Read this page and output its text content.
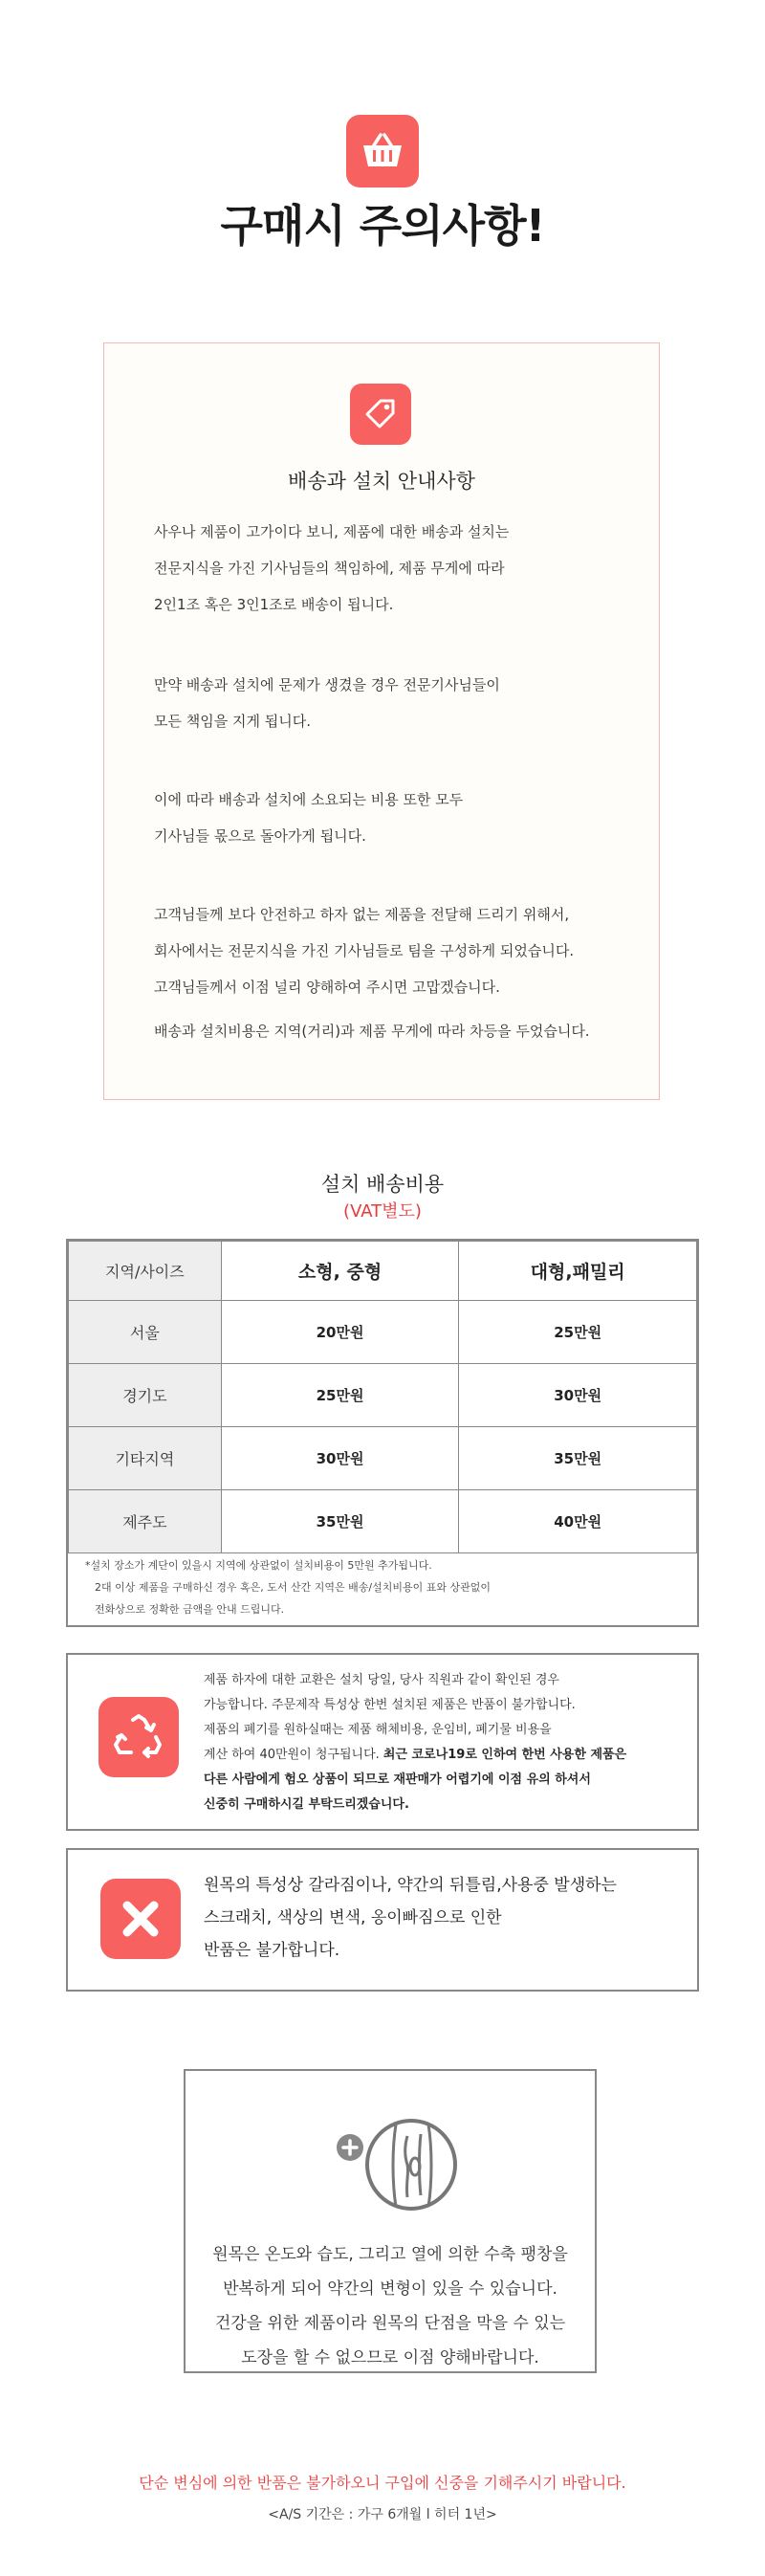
구매시 주의사항!
배송과 설치 안내사항

사우나 제품이 고가이다 보니, 제품에 대한 배송과 설치는

전문지식을 가진 기사님들의 책임하에, 제품 무게에 따라

2인1조 혹은 3인1조로 배송이 됩니다.

만약 배송과 설치에 문제가 생겼을 경우 전문기사님들이

모든 책임을 지게 됩니다.

이에 따라 배송과 설치에 소요되는 비용 또한 모두

기사님들 몫으로 돌아가게 됩니다.

고객님들께 보다 안전하고 하자 없는 제품을 전달해 드리기 위해서,

회사에서는 전문지식을 가진 기사님들로 팀을 구성하게 되었습니다.

고객님들께서 이점 널리 양해하여 주시면 고맙겠습니다.

배송과 설치비용은 지역(거리)과 제품 무게에 따라 차등을 두었습니다.

설치 배송비용
(VAT별도)
지역/사이즈	소형, 중형	대형,패밀리
서울	20만원	25만원
경기도	25만원	30만원
기타지역	30만원	35만원
제주도	35만원	40만원

*설치 장소가 계단이 있을시 지역에 상관없이 설치비용이 5만원 추가됩니다.

2대 이상 제품을 구매하신 경우 혹은, 도서 산간 지역은 배송/설치비용이 표와 상관없이

전화상으로 정확한 금액을 안내 드립니다.

제품 하자에 대한 교환은 설치 당일, 당사 직원과 같이 확인된 경우

가능합니다. 주문제작 특성상 한번 설치된 제품은 반품이 불가합니다.

제품의 폐기를 원하실때는 제품 해체비용, 운임비, 폐기물 비용을

계산 하여 40만원이 청구됩니다. 최근 코로나19로 인하여 한번 사용한 제품은

다른 사람에게 험오 상품이 되므로 재판매가 어렵기에 이점 유의 하셔서

신중히 구매하시길 부탁드리겠습니다.

원목의 특성상 갈라짐이나, 약간의 뒤틀림,사용중 발생하는

스크래치, 색상의 변색, 옹이빠짐으로 인한

반품은 불가합니다.

원목은 온도와 습도, 그리고 열에 의한 수축 팽창을

반복하게 되어 약간의 변형이 있을 수 있습니다.

건강을 위한 제품이라 원목의 단점을 막을 수 있는

도장을 할 수 없으므로 이점 양해바랍니다.

단순 변심에 의한 반품은 불가하오니 구입에 신중을 기해주시기 바랍니다.
<A/S 기간은 : 가구 6개월 l 히터 1년>
